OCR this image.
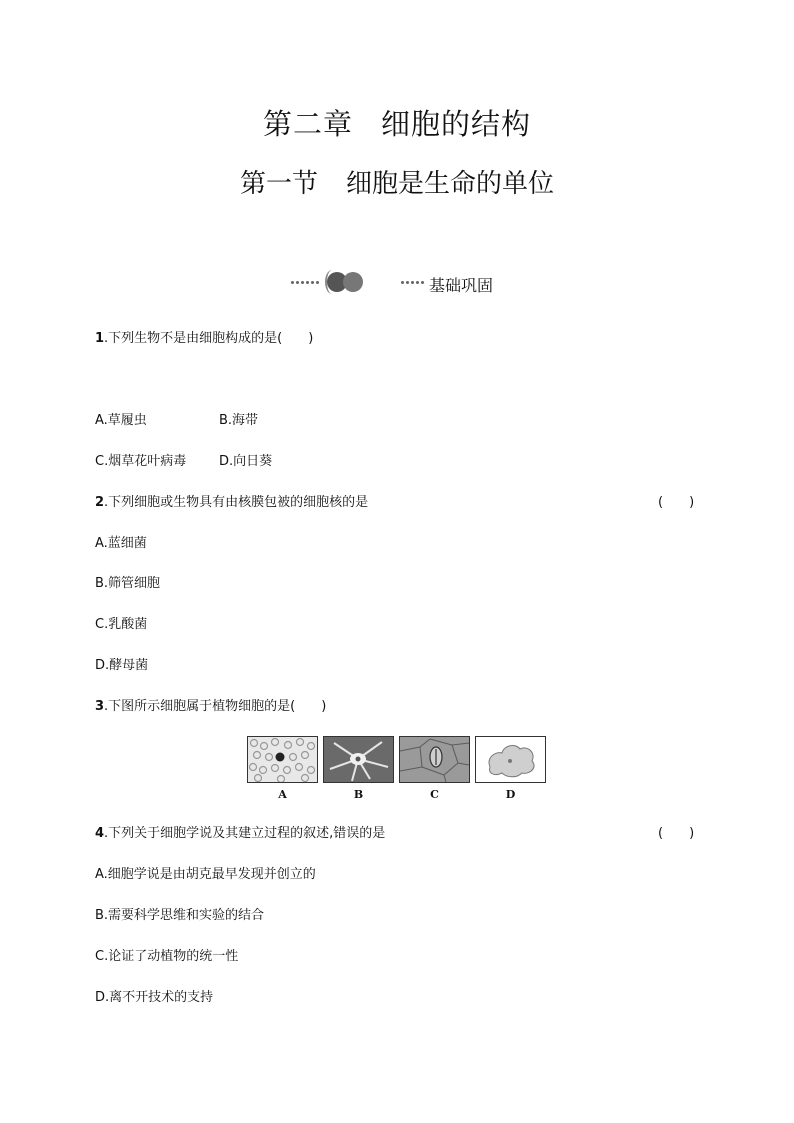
第二章 细胞的结构
第一节 细胞是生命的单位
基础巩固
1.下列生物不是由细胞构成的是(　　)
A.草履虫	B.海带
C.烟草花叶病毒	D.向日葵
2.下列细胞或生物具有由核膜包被的细胞核的是	(　　)
A.蓝细菌
B.筛管细胞
C.乳酸菌
D.酵母菌
3.下图所示细胞属于植物细胞的是(　　)
A	B	C	D
4.下列关于细胞学说及其建立过程的叙述,错误的是	(　　)
A.细胞学说是由胡克最早发现并创立的
B.需要科学思维和实验的结合
C.论证了动植物的统一性
D.离不开技术的支持
